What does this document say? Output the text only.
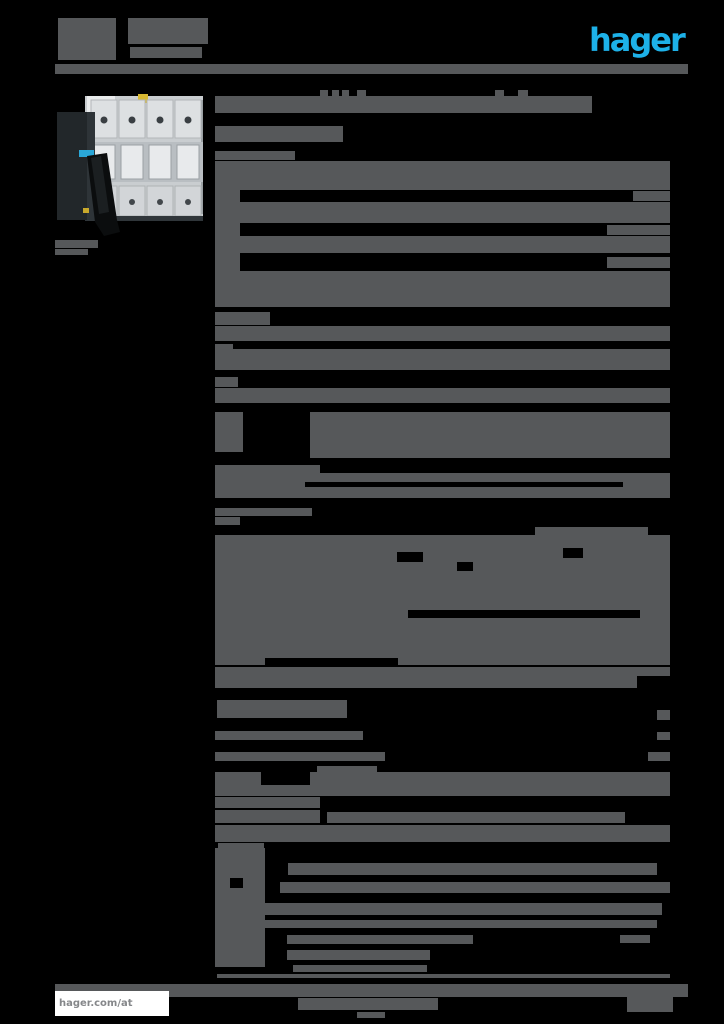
hager
hager.com/at
